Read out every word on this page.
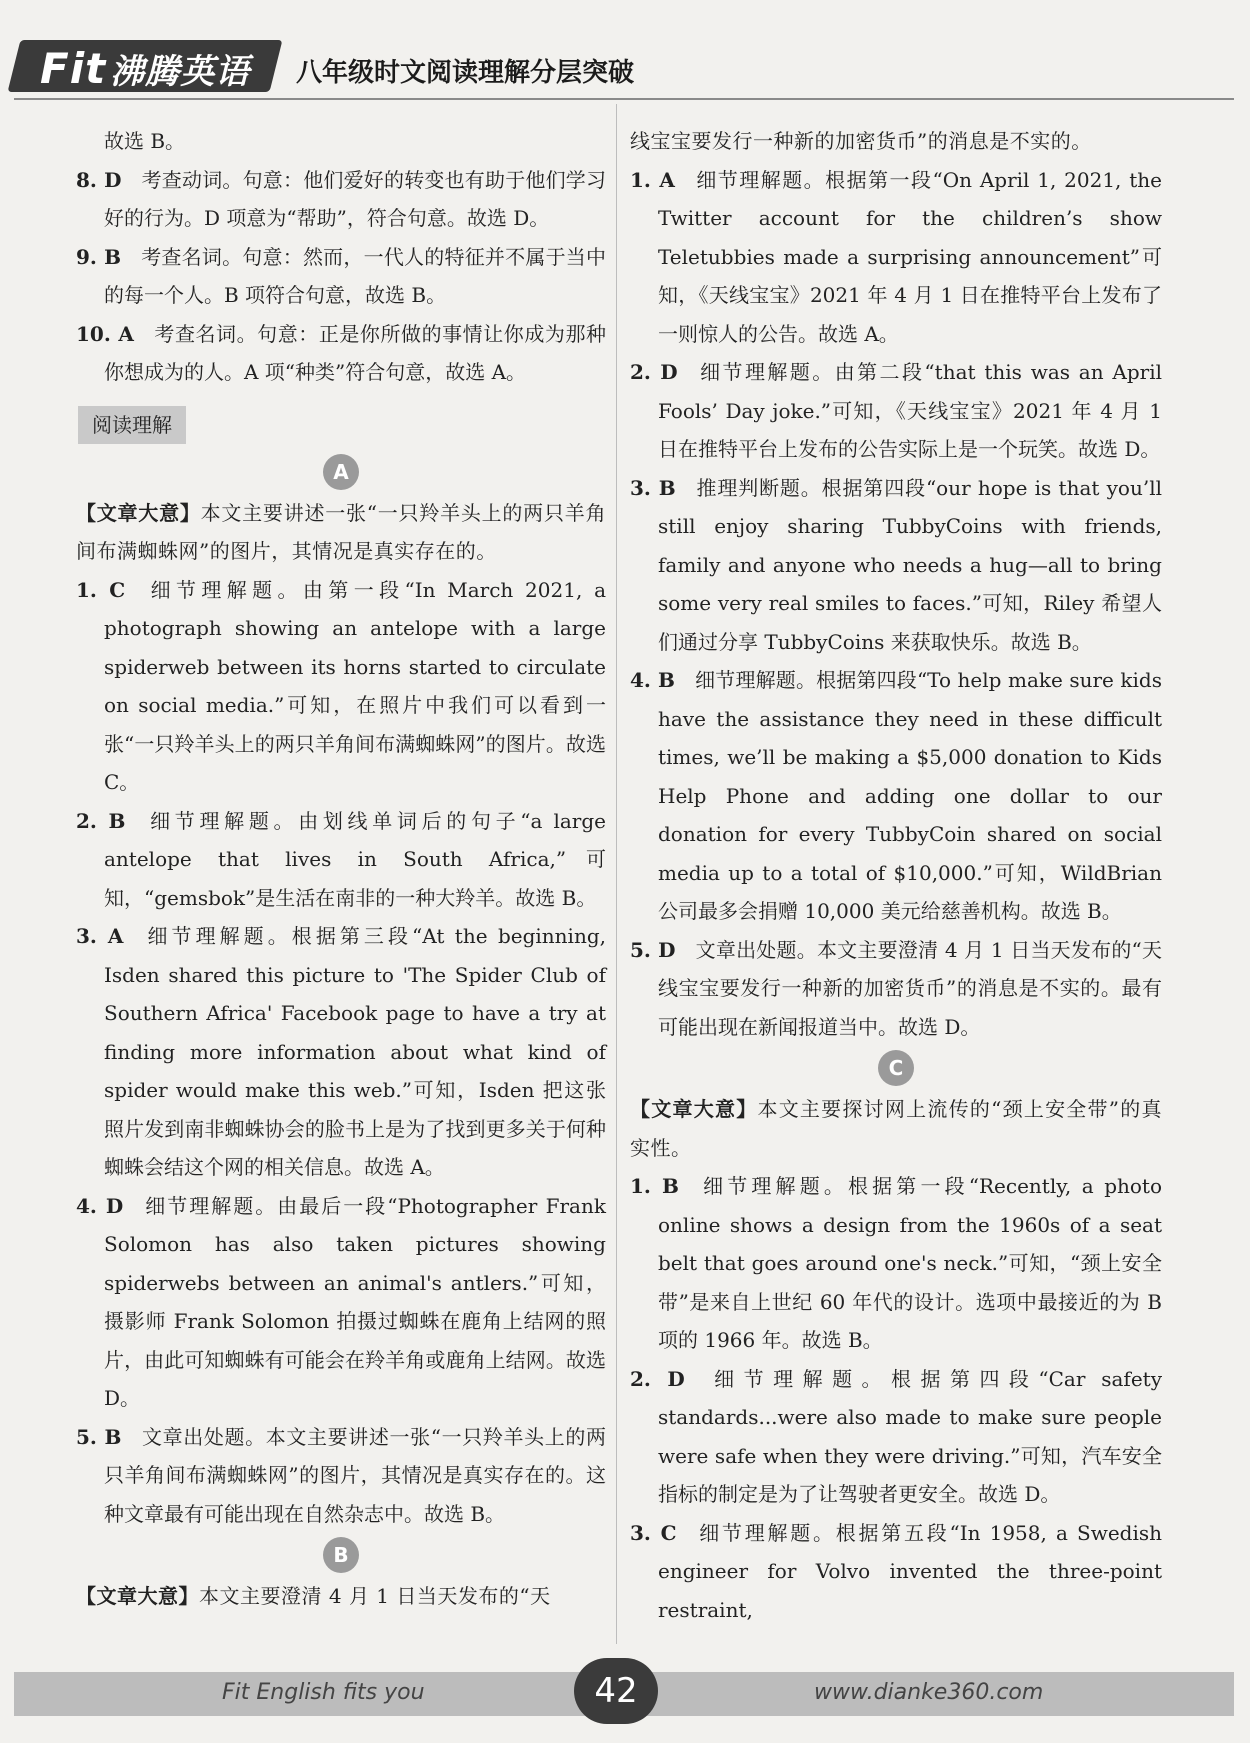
Fit 沸腾英语 八年级时文阅读理解分层突破

故选 B。

8. D  考查动词。句意：他们爱好的转变也有助于他们学习好的行为。D 项意为“帮助”，符合句意。故选 D。

9. B  考查名词。句意：然而，一代人的特征并不属于当中的每一个人。B 项符合句意，故选 B。

10. A  考查名词。句意：正是你所做的事情让你成为那种你想成为的人。A 项“种类”符合句意，故选 A。

阅读理解
A

【文章大意】本文主要讲述一张“一只羚羊头上的两只羊角间布满蜘蛛网”的图片，其情况是真实存在的。

1. C  细节理解题。由第一段“In March 2021, a photograph showing an antelope with a large spiderweb between its horns started to circulate on social media.”可知，在照片中我们可以看到一张“一只羚羊头上的两只羊角间布满蜘蛛网”的图片。故选 C。

2. B  细节理解题。由划线单词后的句子“a large antelope that lives in South Africa,”可知，“gemsbok”是生活在南非的一种大羚羊。故选 B。

3. A  细节理解题。根据第三段“At the beginning, Isden shared this picture to 'The Spider Club of Southern Africa' Facebook page to have a try at finding more information about what kind of spider would make this web.”可知，Isden 把这张照片发到南非蜘蛛协会的脸书上是为了找到更多关于何种蜘蛛会结这个网的相关信息。故选 A。

4. D  细节理解题。由最后一段“Photographer Frank Solomon has also taken pictures showing spiderwebs between an animal's antlers.”可知，摄影师 Frank Solomon 拍摄过蜘蛛在鹿角上结网的照片，由此可知蜘蛛有可能会在羚羊角或鹿角上结网。故选 D。

5. B  文章出处题。本文主要讲述一张“一只羚羊头上的两只羊角间布满蜘蛛网”的图片，其情况是真实存在的。这种文章最有可能出现在自然杂志中。故选 B。

B

【文章大意】本文主要澄清 4 月 1 日当天发布的“天

线宝宝要发行一种新的加密货币”的消息是不实的。

1. A  细节理解题。根据第一段“On April 1, 2021, the Twitter account for the children’s show Teletubbies made a surprising announcement”可知，《天线宝宝》2021 年 4 月 1 日在推特平台上发布了一则惊人的公告。故选 A。

2. D  细节理解题。由第二段“that this was an April Fools’ Day joke.”可知，《天线宝宝》2021 年 4 月 1 日在推特平台上发布的公告实际上是一个玩笑。故选 D。

3. B  推理判断题。根据第四段“our hope is that you’ll still enjoy sharing TubbyCoins with friends, family and anyone who needs a hug—all to bring some very real smiles to faces.”可知，Riley 希望人们通过分享 TubbyCoins 来获取快乐。故选 B。

4. B  细节理解题。根据第四段“To help make sure kids have the assistance they need in these difficult times, we’ll be making a $5,000 donation to Kids Help Phone and adding one dollar to our donation for every TubbyCoin shared on social media up to a total of $10,000.”可知，WildBrian 公司最多会捐赠 10,000 美元给慈善机构。故选 B。

5. D  文章出处题。本文主要澄清 4 月 1 日当天发布的“天线宝宝要发行一种新的加密货币”的消息是不实的。最有可能出现在新闻报道当中。故选 D。

C

【文章大意】本文主要探讨网上流传的“颈上安全带”的真实性。

1. B  细节理解题。根据第一段“Recently, a photo online shows a design from the 1960s of a seat belt that goes around one's neck.”可知，“颈上安全带”是来自上世纪 60 年代的设计。选项中最接近的为 B 项的 1966 年。故选 B。

2. D  细节理解题。根据第四段“Car safety standards...were also made to make sure people were safe when they were driving.”可知，汽车安全指标的制定是为了让驾驶者更安全。故选 D。

3. C  细节理解题。根据第五段“In 1958, a Swedish engineer for Volvo invented the three-point restraint,

Fit English fits you	www.dianke360.com
42
